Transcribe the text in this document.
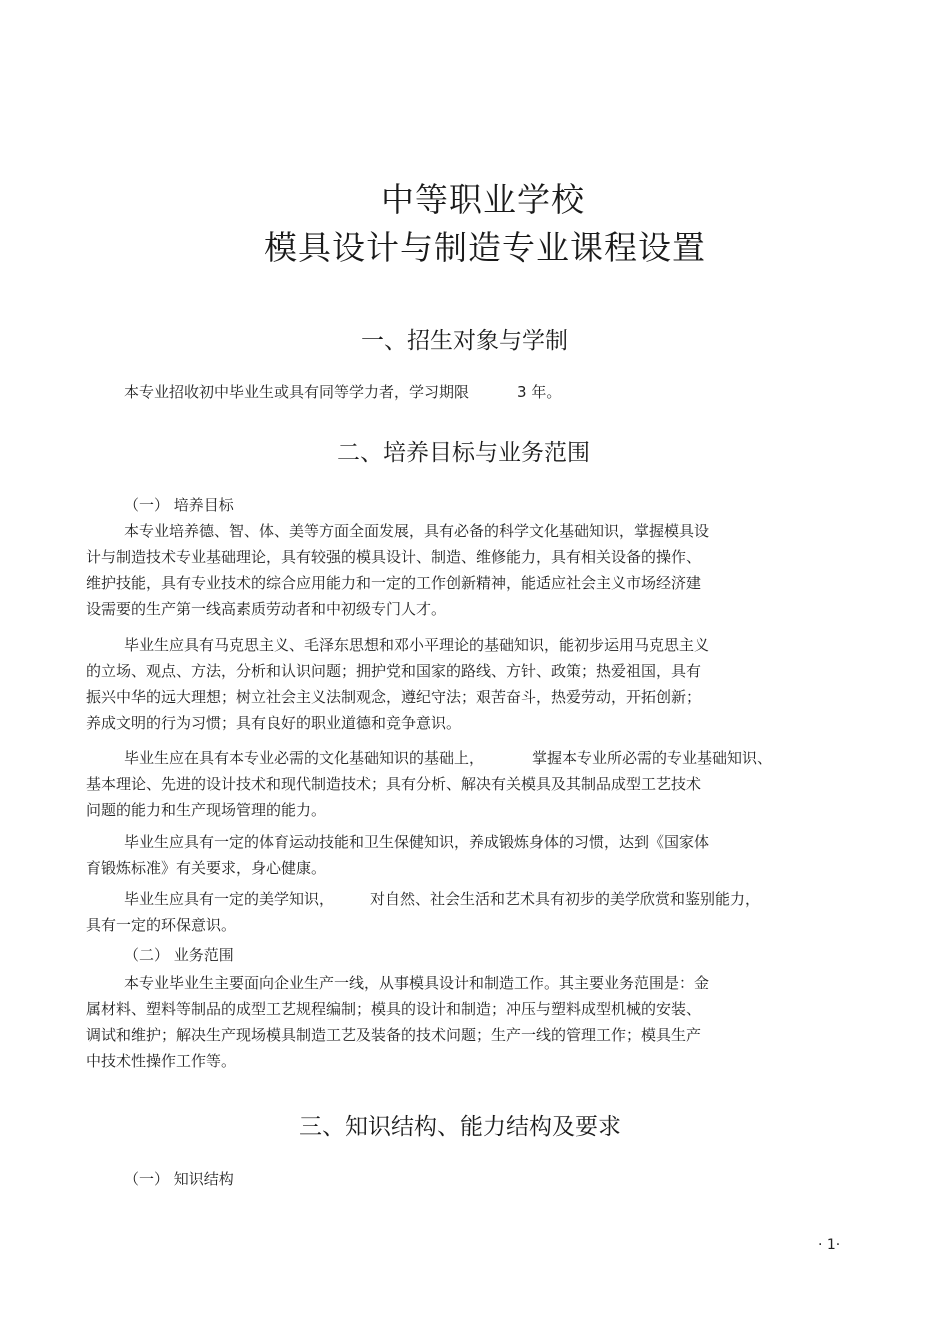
中等职业学校
模具设计与制造专业课程设置
一、招生对象与学制
本专业招收初中毕业生或具有同等学力者，学习期限	3 年。
二、培养目标与业务范围
（一） 培养目标
本专业培养德、智、体、美等方面全面发展，具有必备的科学文化基础知识，掌握模具设
计与制造技术专业基础理论，具有较强的模具设计、制造、维修能力，具有相关设备的操作、
维护技能，具有专业技术的综合应用能力和一定的工作创新精神，能适应社会主义市场经济建
设需要的生产第一线高素质劳动者和中初级专门人才。
毕业生应具有马克思主义、毛泽东思想和邓小平理论的基础知识，能初步运用马克思主义
的立场、观点、方法，分析和认识问题；拥护党和国家的路线、方针、政策；热爱祖国，具有
振兴中华的远大理想；树立社会主义法制观念，遵纪守法；艰苦奋斗，热爱劳动，开拓创新；
养成文明的行为习惯；具有良好的职业道德和竞争意识。
毕业生应在具有本专业必需的文化基础知识的基础上，	掌握本专业所必需的专业基础知识、
基本理论、先进的设计技术和现代制造技术；具有分析、解决有关模具及其制品成型工艺技术
问题的能力和生产现场管理的能力。
毕业生应具有一定的体育运动技能和卫生保健知识，养成锻炼身体的习惯，达到《国家体
育锻炼标准》有关要求，身心健康。
毕业生应具有一定的美学知识， 对自然、社会生活和艺术具有初步的美学欣赏和鉴别能力，
具有一定的环保意识。
（二） 业务范围
本专业毕业生主要面向企业生产一线，从事模具设计和制造工作。其主要业务范围是：金
属材料、塑料等制品的成型工艺规程编制；模具的设计和制造；冲压与塑料成型机械的安装、
调试和维护；解决生产现场模具制造工艺及装备的技术问题；生产一线的管理工作；模具生产
中技术性操作工作等。
三、知识结构、能力结构及要求
（一） 知识结构
· 1·
